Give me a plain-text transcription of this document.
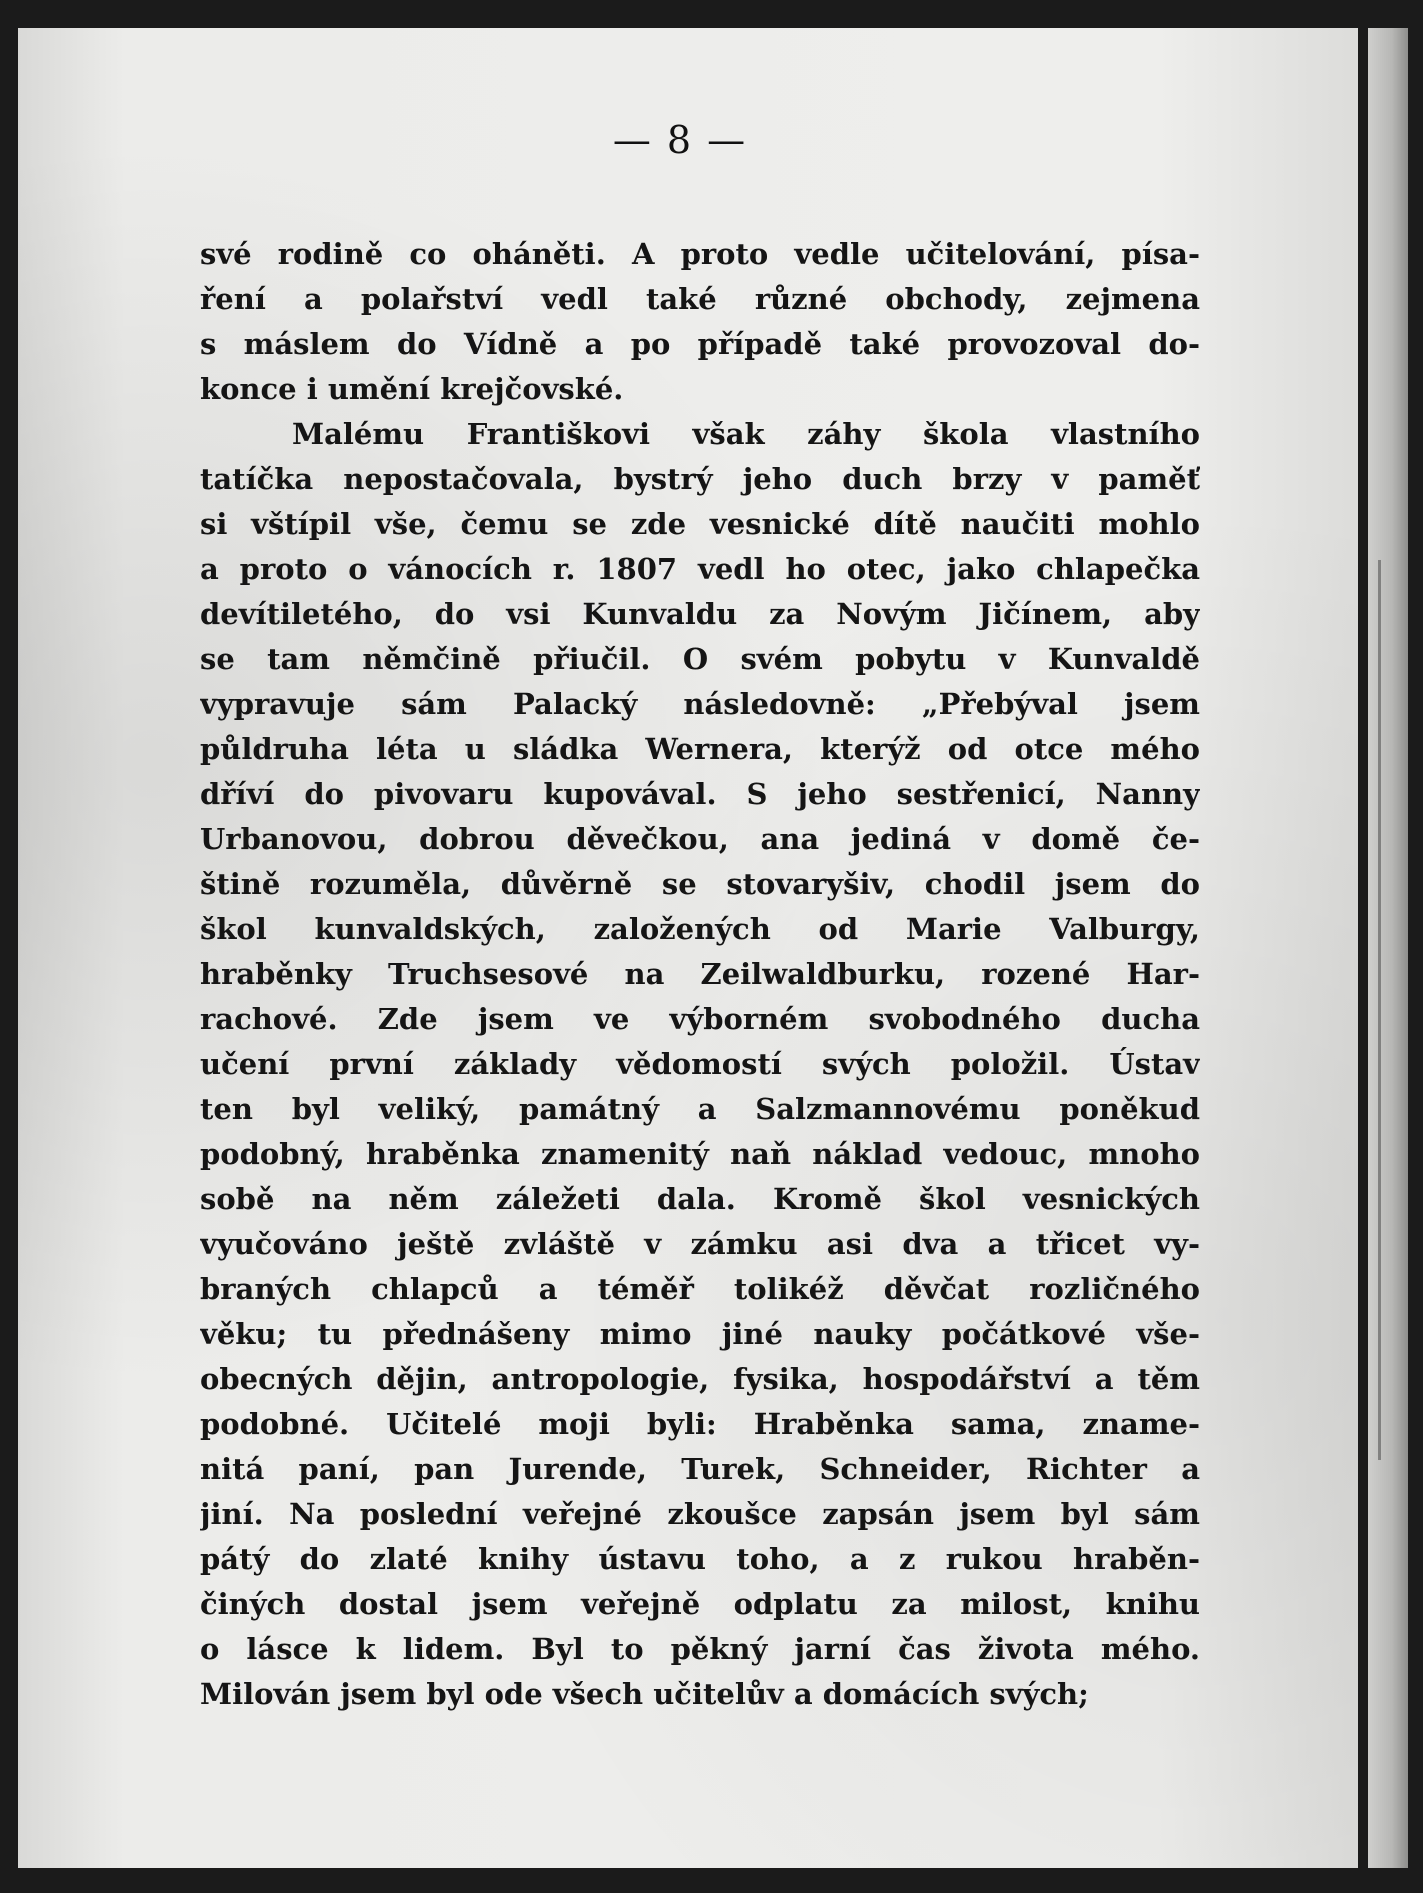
— 8 —
své rodině co oháněti. A proto vedle učitelování, písa-
ření a polařství vedl také různé obchody, zejmena
s máslem do Vídně a po případě také provozoval do-
konce i umění krejčovské.
Malému Františkovi však záhy škola vlastního
tatíčka nepostačovala, bystrý jeho duch brzy v paměť
si vštípil vše, čemu se zde vesnické dítě naučiti mohlo
a proto o vánocích r. 1807 vedl ho otec, jako chlapečka
devítiletého, do vsi Kunvaldu za Novým Jičínem, aby
se tam němčině přiučil. O svém pobytu v Kunvaldě
vypravuje sám Palacký následovně: „Přebýval jsem
půldruha léta u sládka Wernera, kterýž od otce mého
dříví do pivovaru kupovával. S jeho sestřenicí, Nanny
Urbanovou, dobrou děvečkou, ana jediná v domě če-
štině rozuměla, důvěrně se stovaryšiv, chodil jsem do
škol kunvaldských, založených od Marie Valburgy,
hraběnky Truchsesové na Zeilwaldburku, rozené Har-
rachové. Zde jsem ve výborném svobodného ducha
učení první základy vědomostí svých položil. Ústav
ten byl veliký, památný a Salzmannovému poněkud
podobný, hraběnka znamenitý naň náklad vedouc, mnoho
sobě na něm záležeti dala. Kromě škol vesnických
vyučováno ještě zvláště v zámku asi dva a třicet vy-
braných chlapců a téměř tolikéž děvčat rozličného
věku; tu přednášeny mimo jiné nauky počátkové vše-
obecných dějin, antropologie, fysika, hospodářství a těm
podobné. Učitelé moji byli: Hraběnka sama, zname-
nitá paní, pan Jurende, Turek, Schneider, Richter a
jiní. Na poslední veřejné zkoušce zapsán jsem byl sám
pátý do zlaté knihy ústavu toho, a z rukou hraběn-
činých dostal jsem veřejně odplatu za milost, knihu
o lásce k lidem. Byl to pěkný jarní čas života mého.
Milován jsem byl ode všech učitelův a domácích svých;
